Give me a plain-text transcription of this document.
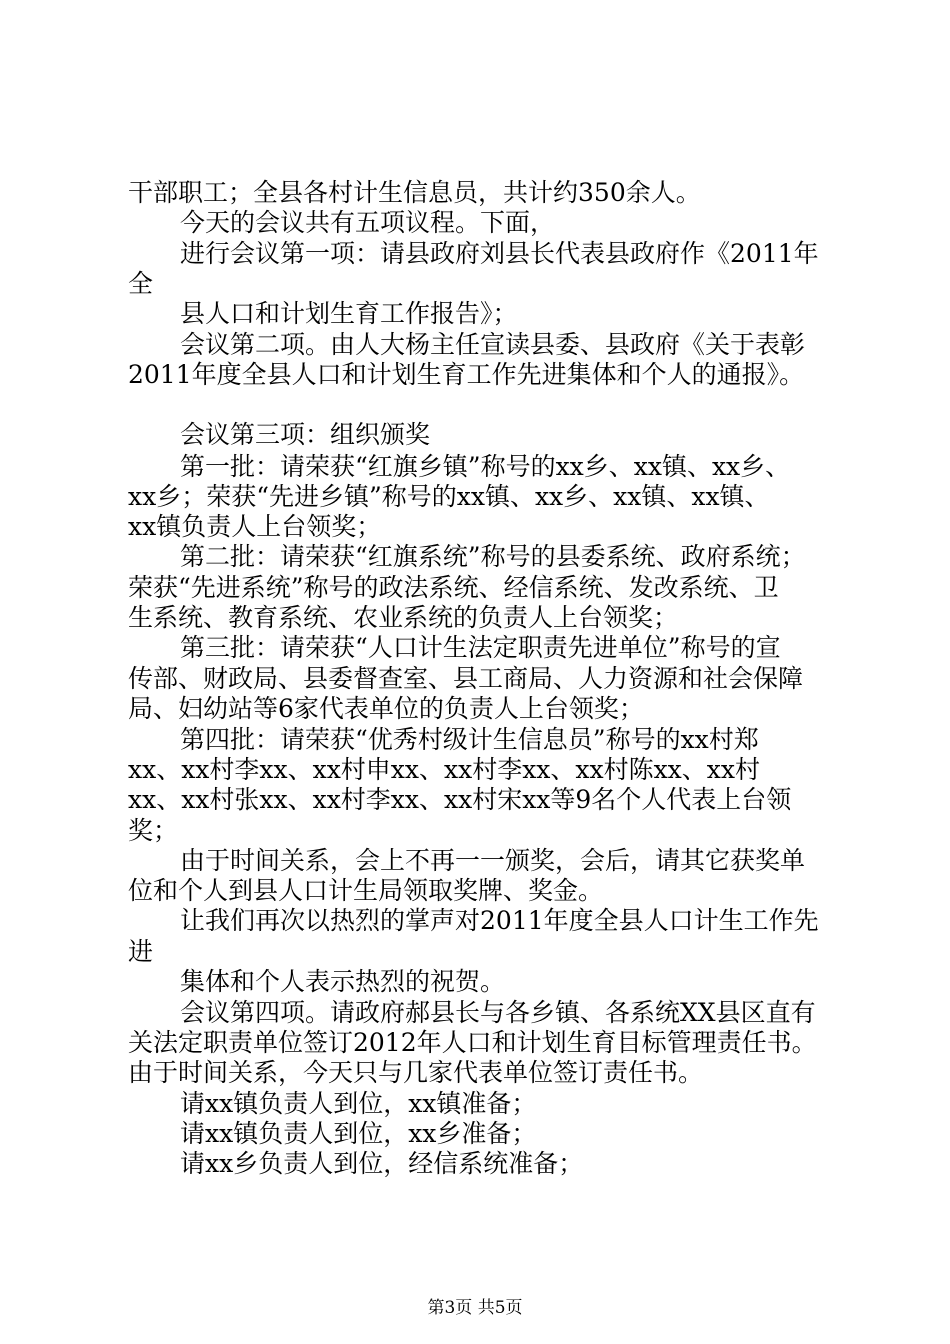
干部职工；全县各村计生信息员，共计约350余人。
今天的会议共有五项议程。下面，
进行会议第一项：请县政府刘县长代表县政府作《2011年
全
县人口和计划生育工作报告》；
会议第二项。由人大杨主任宣读县委、县政府《关于表彰
2011年度全县人口和计划生育工作先进集体和个人的通报》。
会议第三项：组织颁奖
第一批：请荣获“红旗乡镇”称号的xx乡、xx镇、xx乡、
xx乡；荣获“先进乡镇”称号的xx镇、xx乡、xx镇、xx镇、
xx镇负责人上台领奖；
第二批：请荣获“红旗系统”称号的县委系统、政府系统；
荣获“先进系统”称号的政法系统、经信系统、发改系统、卫
生系统、教育系统、农业系统的负责人上台领奖；
第三批：请荣获“人口计生法定职责先进单位”称号的宣
传部、财政局、县委督查室、县工商局、人力资源和社会保障
局、妇幼站等6家代表单位的负责人上台领奖；
第四批：请荣获“优秀村级计生信息员”称号的xx村郑
xx、xx村李xx、xx村申xx、xx村李xx、xx村陈xx、xx村
xx、xx村张xx、xx村李xx、xx村宋xx等9名个人代表上台领
奖；
由于时间关系，会上不再一一颁奖，会后，请其它获奖单
位和个人到县人口计生局领取奖牌、奖金。
让我们再次以热烈的掌声对2011年度全县人口计生工作先
进
集体和个人表示热烈的祝贺。
会议第四项。请政府郝县长与各乡镇、各系统XX县区直有
关法定职责单位签订2012年人口和计划生育目标管理责任书。
由于时间关系，今天只与几家代表单位签订责任书。
请xx镇负责人到位，xx镇准备；
请xx镇负责人到位，xx乡准备；
请xx乡负责人到位，经信系统准备；
第3页 共5页
